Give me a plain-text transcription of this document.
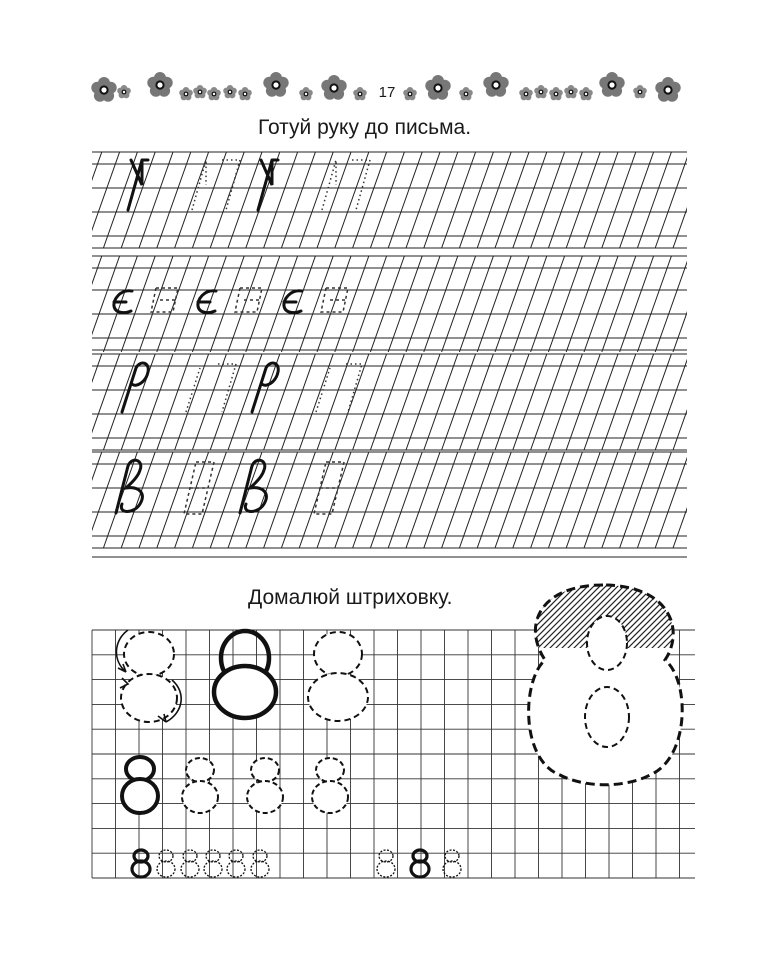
17
Готуй руку до письма.
Домалюй штриховку.
